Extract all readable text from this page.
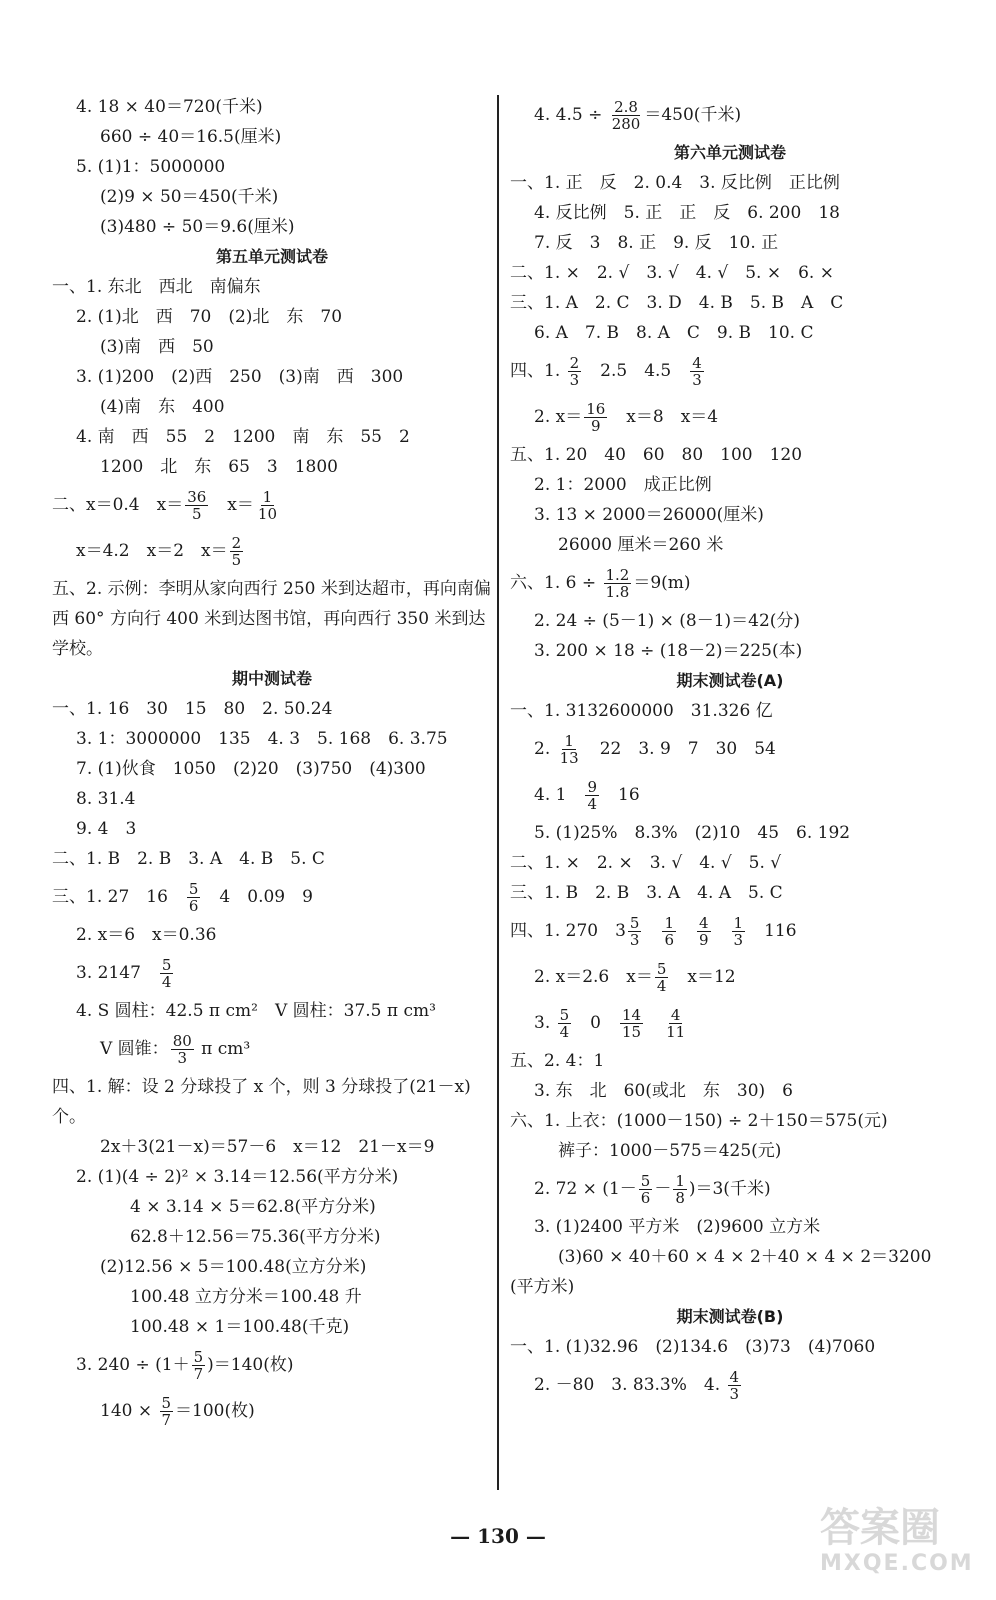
4. 18 × 40＝720(千米)
660 ÷ 40＝16.5(厘米)
5. (1)1：5000000
(2)9 × 50＝450(千米)
(3)480 ÷ 50＝9.6(厘米)
第五单元测试卷
一、1. 东北　西北　南偏东
2. (1)北　西　70　(2)北　东　70
(3)南　西　50
3. (1)200　(2)西　250　(3)南　西　300
(4)南　东　400
4. 南　西　55　2　1200　南　东　55　2
1200　北　东　65　3　1800
二、x＝0.4　$x= \frac{36}{5}$ 　$x= \frac{1}{10}$
x＝4.2　x＝2　$x= \frac{2}{5}$
五、2. 示例：李明从家向西行 250 米到达超市，再向南偏西 60° 方向行 400 米到达图书馆，再向西行 350 米到达学校。
期中测试卷
一、1. 16　30　15　80　2. 50.24
3. 1：3000000　135　4. 3　5. 168　6. 3.75
7. (1)伙食　1050　(2)20　(3)750　(4)300
8. 31.4
9. 4　3
二、1. B　2. B　3. A　4. B　5. C
三、1. 27　16　 $\frac{5}{6}$ 　4　0.09　9
2. x＝6　x＝0.36
3. 2147　 $\frac{5}{4}$
4. S 圆柱：42.5 π cm²　V 圆柱：37.5 π cm³
V 圆锥： $\frac{80}{3}$ π cm³
四、1. 解：设 2 分球投了 x 个，则 3 分球投了(21－x)个。
2x＋3(21－x)＝57－6　x＝12　21－x＝9
2. (1)(4 ÷ 2)² × 3.14＝12.56(平方分米)
4 × 3.14 × 5＝62.8(平方分米)
62.8＋12.56＝75.36(平方分米)
(2)12.56 × 5＝100.48(立方分米)
100.48 立方分米＝100.48 升
100.48 × 1＝100.48(千克)
3. $240 \div (1+ \frac{5}{7} )=140$(枚)
$140 \times \frac{5}{7} =100$(枚)
4. $4.5 \div \frac{2.8}{280} =450$(千米)
第六单元测试卷
一、1. 正　反　2. 0.4　3. 反比例　正比例
4. 反比例　5. 正　正　反　6. 200　18
7. 反　3　8. 正　9. 反　10. 正
二、1. ×　2. √　3. √　4. √　5. ×　6. ×
三、1. A　2. C　3. D　4. B　5. B　A　C
6. A　7. B　8. A　C　9. B　10. C
四、1. $\frac{2}{3}$ 　2.5　4.5　 $\frac{4}{3}$
2. $x= \frac{16}{9}$ 　x＝8　x＝4
五、1. 20　40　60　80　100　120
2. 1：2000　成正比例
3. 13 × 2000＝26000(厘米)
26000 厘米＝260 米
六、1. $6 \div \frac{1.2}{1.8} =9(m)$
2. 24 ÷ (5－1) × (8－1)＝42(分)
3. 200 × 18 ÷ (18－2)＝225(本)
期末测试卷(A)
一、1. 3132600000　31.326 亿
2. $\frac{1}{13}$ 　22　3. 9　7　30　54
4. 1　 $\frac{9}{4}$ 　16
5. (1)25%　8.3%　(2)10　45　6. 192
二、1. ×　2. ×　3. √　4. √　5. √
三、1. B　2. B　3. A　4. A　5. C
四、1. 270　$3 \frac{5}{3}$
　 $\frac{1}{6}$
　 $\frac{4}{9}$
　 $\frac{1}{3}$ 　116
2. x＝2.6　$x= \frac{5}{4}$ 　x＝12
3. $\frac{5}{4}$ 　0　 $\frac{14}{15}$
　 $\frac{4}{11}$
五、2. 4：1
3. 东　北　60(或北　东　30)　6
六、1. 上衣：(1000－150) ÷ 2＋150＝575(元)
裤子：1000－575＝425(元)
2. $72 \times (1- \frac{5}{6} - \frac{1}{8} )=3$(千米)
3. (1)2400 平方米　(2)9600 立方米
(3)60 × 40＋60 × 4 × 2＋40 × 4 × 2＝3200
(平方米)
期末测试卷(B)
一、1. (1)32.96　(2)134.6　(3)73　(4)7060
2. －80　3. 83.3%　4. $\frac{4}{3}$
— 130 —	答案圈
MXQE.COM
